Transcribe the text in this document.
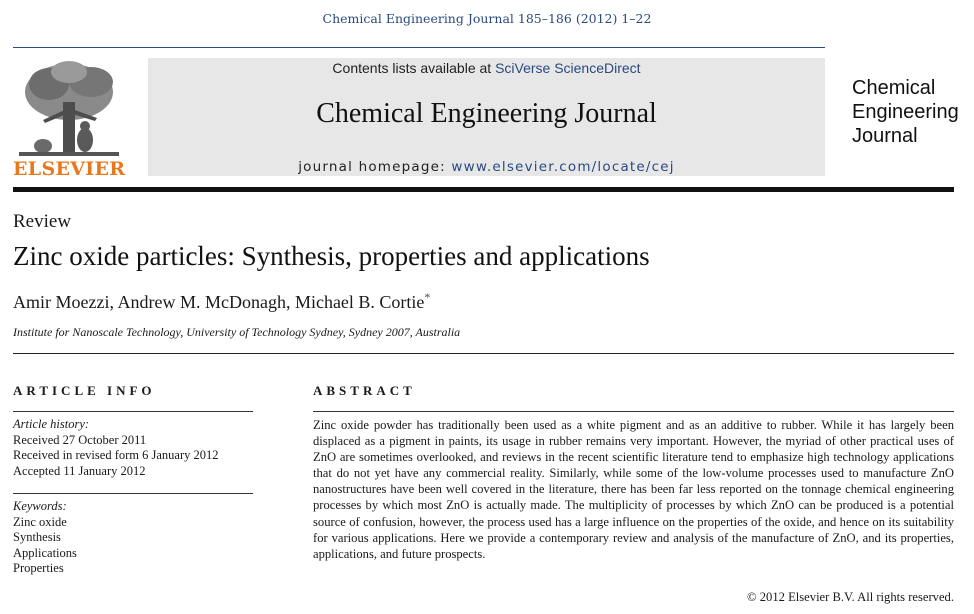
Chemical Engineering Journal 185–186 (2012) 1–22
ELSEVIER
Contents lists available at SciVerse ScienceDirect
Chemical Engineering Journal
journal homepage: www.elsevier.com/locate/cej
Chemical
Engineering
Journal
Review
Zinc oxide particles: Synthesis, properties and applications
Amir Moezzi, Andrew M. McDonagh, Michael B. Cortie*
Institute for Nanoscale Technology, University of Technology Sydney, Sydney 2007, Australia
ARTICLE INFO
Article history:
Received 27 October 2011
Received in revised form 6 January 2012
Accepted 11 January 2012
Keywords:
Zinc oxide
Synthesis
Applications
Properties
ABSTRACT
Zinc oxide powder has traditionally been used as a white pigment and as an additive to rubber. While it has largely been displaced as a pigment in paints, its usage in rubber remains very important. However, the myriad of other practical uses of ZnO are sometimes overlooked, and reviews in the recent scientific literature tend to emphasize high technology applications that do not yet have any commercial reality. Similarly, while some of the low-volume processes used to manufacture ZnO nanostructures have been well covered in the literature, there has been far less reported on the tonnage chemical engineering processes by which most ZnO is actually made. The multiplicity of processes by which ZnO can be produced is a potential source of confusion, however, the process used has a large influence on the properties of the oxide, and hence on its suitability for various applications. Here we provide a contemporary review and analysis of the manufacture of ZnO, and its properties, applications, and future prospects.
© 2012 Elsevier B.V. All rights reserved.
